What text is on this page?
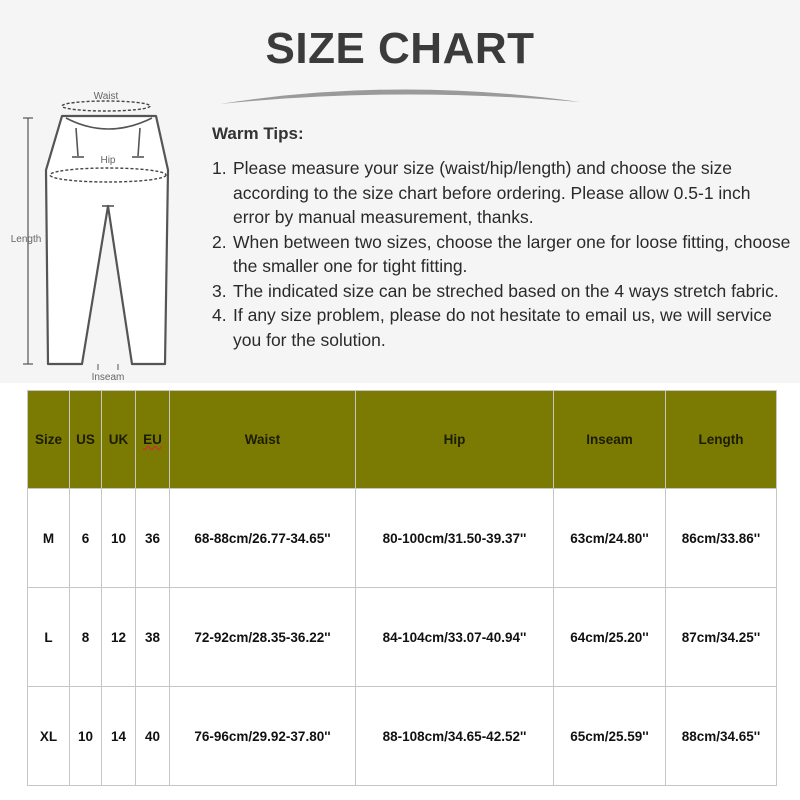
SIZE CHART
Waist
Hip
Length
Inseam
Warm Tips:
1. Please measure your size (waist/hip/length) and choose the size according to the size chart before ordering. Please allow 0.5-1 inch error by manual measurement, thanks.
2. When between two sizes, choose the larger one for loose fitting, choose the smaller one for tight fitting.
3. The indicated size can be streched based on the 4 ways stretch fabric.
4. If any size problem, please do not hesitate to email us, we will service you for the solution.
Size	US	UK	EU	Waist	Hip	Inseam	Length
M	6	10	36	68-88cm/26.77-34.65''	80-100cm/31.50-39.37''	63cm/24.80''	86cm/33.86''
L	8	12	38	72-92cm/28.35-36.22''	84-104cm/33.07-40.94''	64cm/25.20''	87cm/34.25''
XL	10	14	40	76-96cm/29.92-37.80''	88-108cm/34.65-42.52''	65cm/25.59''	88cm/34.65''
